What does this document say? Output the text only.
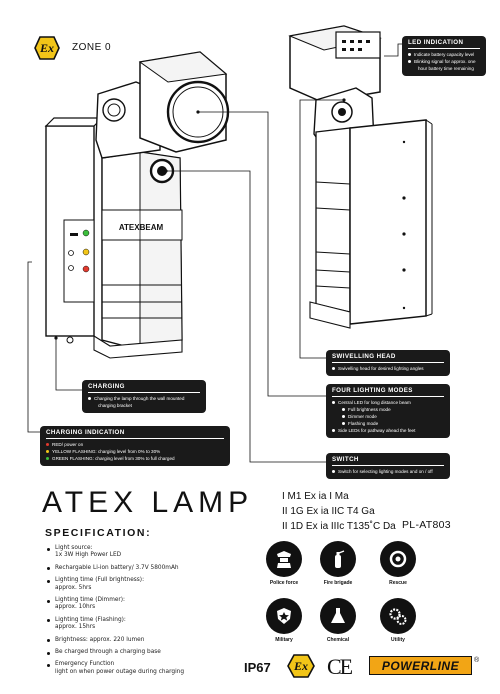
Ex ZONE 0
ATEXBEAM
LED INDICATION
Indicate battery capacity level
Blinking signal for approx. one
hour battery time remaining
SWIVELLING HEAD
Swivelling head for desired lighting angles
FOUR LIGHTING MODES
Central LED for long distance beam
Full brightness mode
Dimmer mode
Flashing mode
Side LEDs for pathway ahead the feet
SWITCH
Switch for selecting lighting modes and on / off
CHARGING
Charging the lamp through the wall mounted
charging bracket
CHARGING INDICATION
RED/ power on
YELLOW FLASHING: charging level from 0% to 30%
GREEN FLASHING: charging level from 30% to full charged
ATEX LAMP	I M1 Ex ia I Ma
II 1G Ex ia IIC T4 Ga
II 1D Ex ia IIIc T135˚C Da PL-AT803
SPECIFICATION:
Light source:
1x 3W High Power LED
Rechargable Li-ion battery/ 3.7V 5800mAh
Lighting time (Full brightness):
approx. 5hrs
Lighting time (Dimmer):
approx. 10hrs
Lighting time (Flashing):
approx. 15hrs
Brightness: approx. 220 lumen
Be charged through a charging base
Emergency Function
light on when power outage during charging
Police force	Fire brigade	Rescue
Military	Chemical	Utility
IP67 Ex CE	POWERLINE	®
